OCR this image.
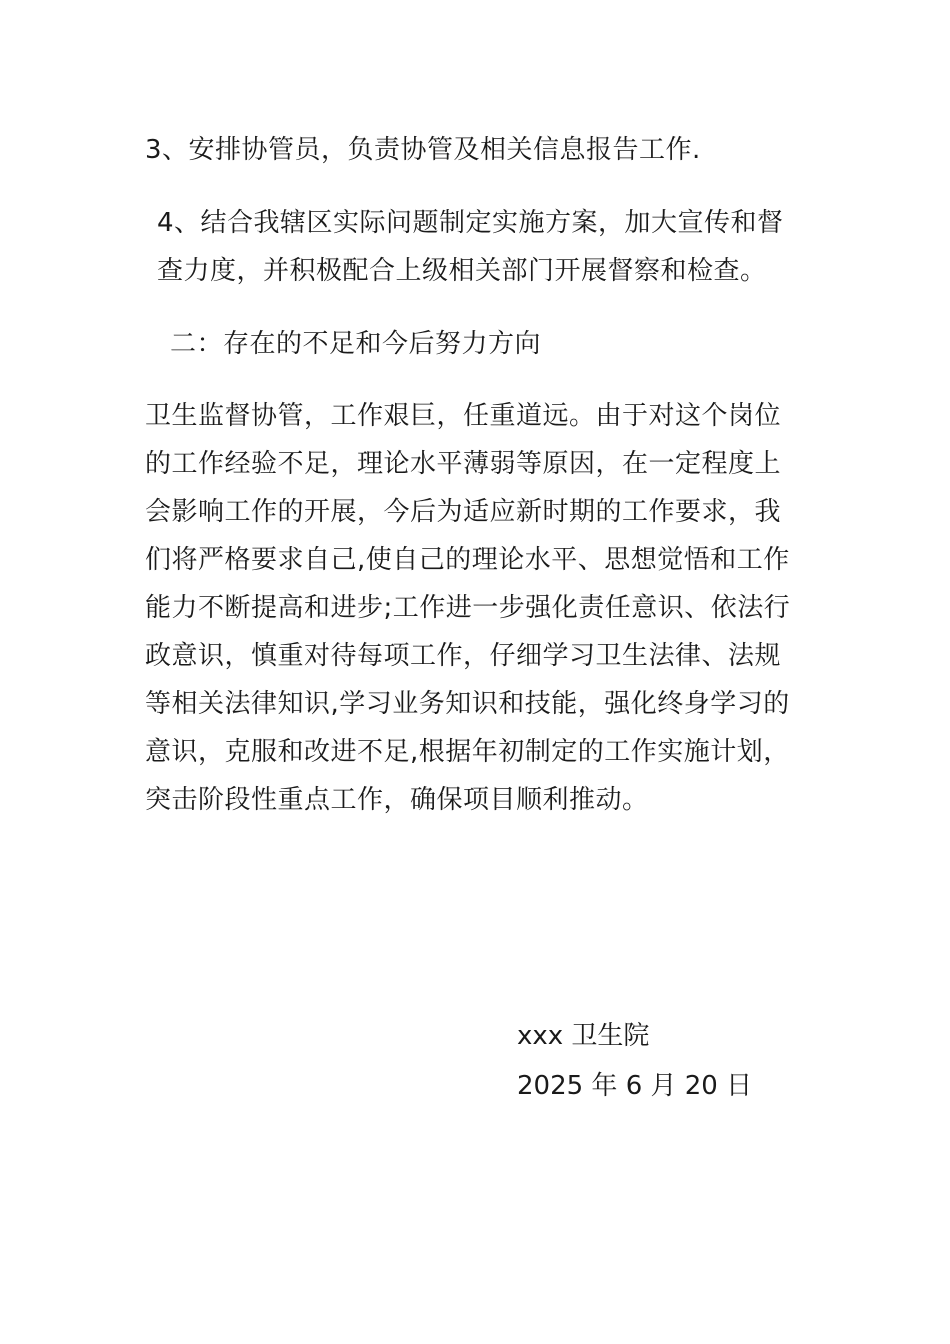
3、安排协管员，负责协管及相关信息报告工作.

4、结合我辖区实际问题制定实施方案，加大宣传和督查力度，并积极配合上级相关部门开展督察和检查。

二：存在的不足和今后努力方向

卫生监督协管，工作艰巨，任重道远。由于对这个岗位的工作经验不足，理论水平薄弱等原因，在一定程度上会影响工作的开展，今后为适应新时期的工作要求，我们将严格要求自己,使自己的理论水平、思想觉悟和工作能力不断提高和进步;工作进一步强化责任意识、依法行政意识，慎重对待每项工作，仔细学习卫生法律、法规等相关法律知识,学习业务知识和技能，强化终身学习的意识，克服和改进不足,根据年初制定的工作实施计划，突击阶段性重点工作，确保项目顺利推动。

xxx 卫生院

2025 年 6 月 20 日
